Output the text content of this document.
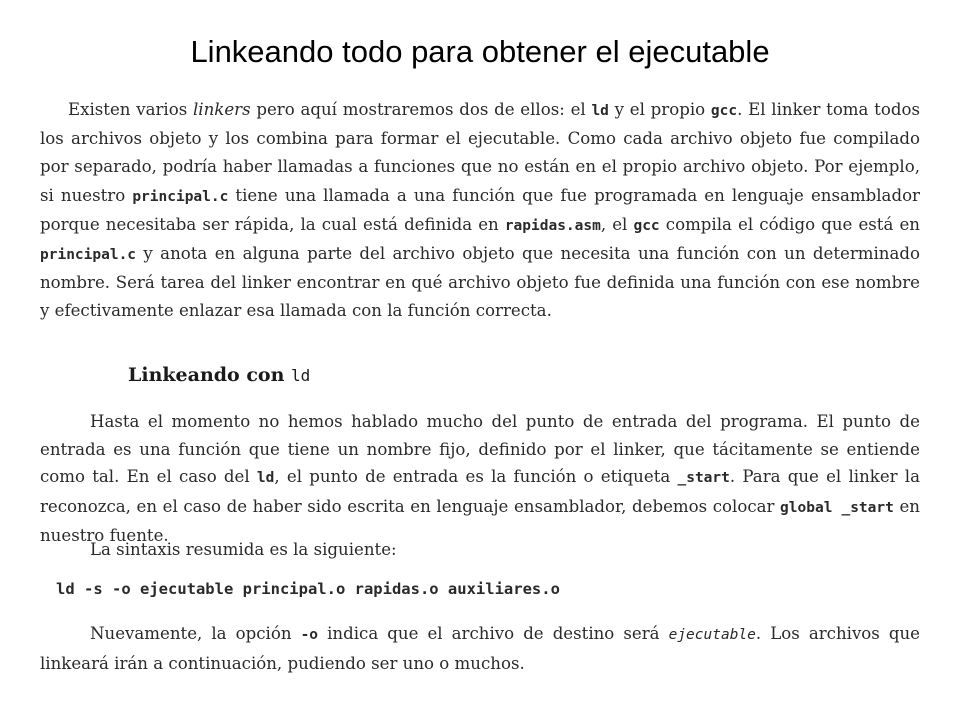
Linkeando todo para obtener el ejecutable

Existen varios linkers pero aquí mostraremos dos de ellos: el ld y el propio gcc. El linker toma todos los archivos objeto y los combina para formar el ejecutable. Como cada archivo objeto fue compilado por separado, podría haber llamadas a funciones que no están en el propio archivo objeto. Por ejemplo, si nuestro principal.c tiene una llamada a una función que fue programada en lenguaje ensamblador porque necesitaba ser rápida, la cual está definida en rapidas.asm, el gcc compila el código que está en principal.c y anota en alguna parte del archivo objeto que necesita una función con un determinado nombre. Será tarea del linker encontrar en qué archivo objeto fue definida una función con ese nombre y efectivamente enlazar esa llamada con la función correcta.

Linkeando con ld

Hasta el momento no hemos hablado mucho del punto de entrada del programa. El punto de entrada es una función que tiene un nombre fijo, definido por el linker, que tácitamente se entiende como tal. En el caso del ld, el punto de entrada es la función o etiqueta _start. Para que el linker la reconozca, en el caso de haber sido escrita en lenguaje ensamblador, debemos colocar global _start en nuestro fuente.

La sintaxis resumida es la siguiente:

ld -s -o ejecutable principal.o rapidas.o auxiliares.o

Nuevamente, la opción -o indica que el archivo de destino será ejecutable. Los archivos que linkeará irán a continuación, pudiendo ser uno o muchos.
